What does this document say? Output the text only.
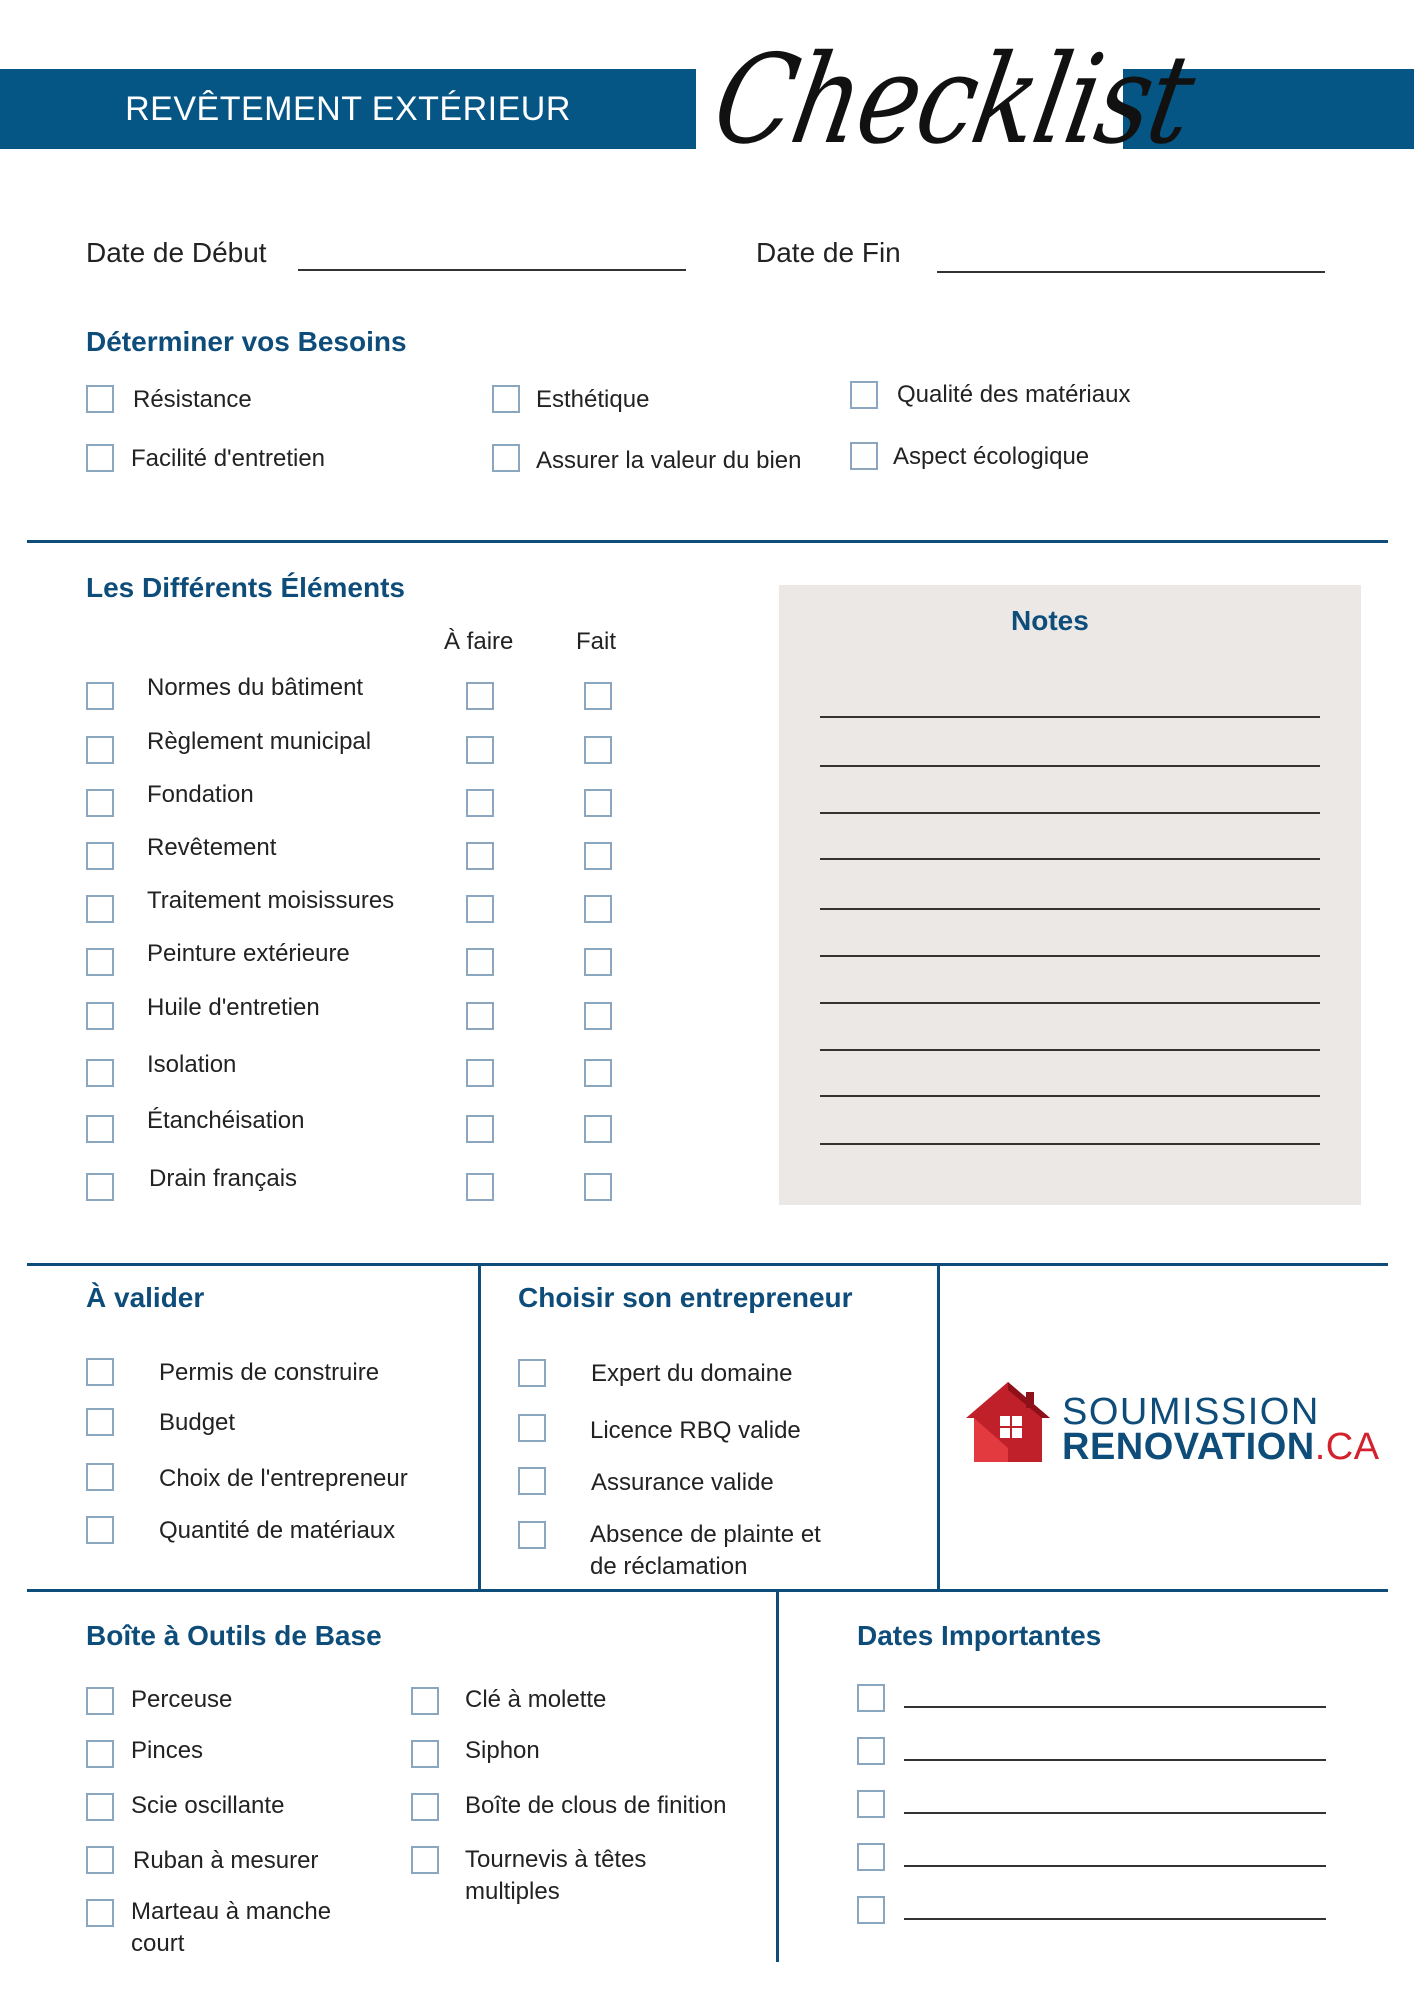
REVÊTEMENT EXTÉRIEUR	Checklist
Date de Début	Date de Fin
Déterminer vos Besoins
Résistance	Esthétique	Qualité des matériaux
Facilité d'entretien	Assurer la valeur du bien	Aspect écologique
Les Différents Éléments
À faire	Fait
Normes du bâtiment
Règlement municipal
Fondation
Revêtement
Traitement moisissures
Peinture extérieure
Huile d'entretien
Isolation
Étanchéisation
Drain français
Notes
À valider
Permis de construire
Budget
Choix de l'entrepreneur
Quantité de matériaux
Choisir son entrepreneur
Expert du domaine
Licence RBQ valide
Assurance valide
Absence de plainte et
de réclamation
SOUMISSION
RENOVATION.CA
Boîte à Outils de Base
Perceuse
Pinces
Scie oscillante
Ruban à mesurer
Marteau à manche
court
Clé à molette
Siphon
Boîte de clous de finition
Tournevis à têtes
multiples
Dates Importantes
